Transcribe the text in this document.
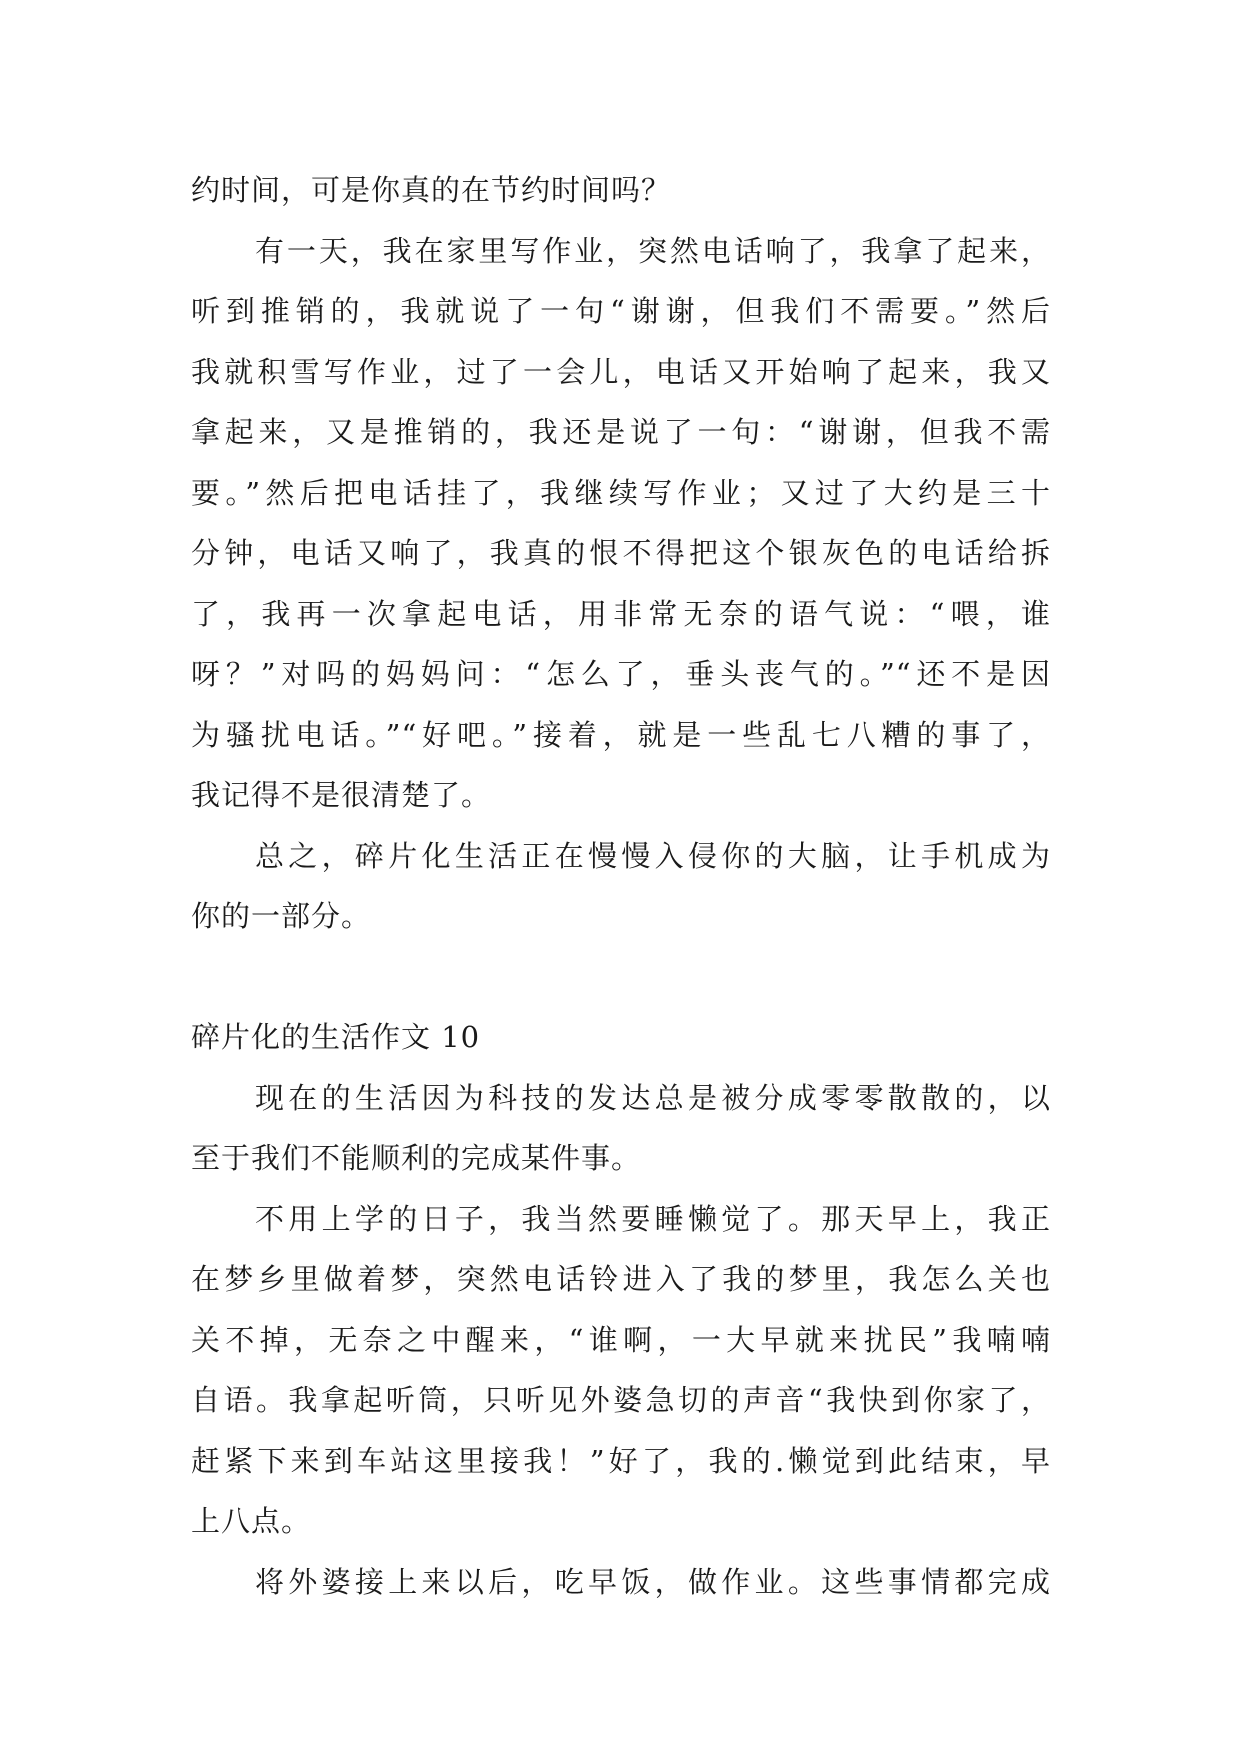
约时间，可是你真的在节约时间吗？
有一天，我在家里写作业，突然电话响了，我拿了起来，
听到推销的，我就说了一句“谢谢，但我们不需要。”然后
我就积雪写作业，过了一会儿，电话又开始响了起来，我又
拿起来，又是推销的，我还是说了一句：“谢谢，但我不需
要。”然后把电话挂了，我继续写作业；又过了大约是三十
分钟，电话又响了，我真的恨不得把这个银灰色的电话给拆
了，我再一次拿起电话，用非常无奈的语气说：“喂，谁
呀？”对吗的妈妈问：“怎么了，垂头丧气的。”“还不是因
为骚扰电话。”“好吧。”接着，就是一些乱七八糟的事了，
我记得不是很清楚了。
总之，碎片化生活正在慢慢入侵你的大脑，让手机成为
你的一部分。
碎片化的生活作文 10
现在的生活因为科技的发达总是被分成零零散散的，以
至于我们不能顺利的完成某件事。
不用上学的日子，我当然要睡懒觉了。那天早上，我正
在梦乡里做着梦，突然电话铃进入了我的梦里，我怎么关也
关不掉，无奈之中醒来，“谁啊，一大早就来扰民”我喃喃
自语。我拿起听筒，只听见外婆急切的声音“我快到你家了，
赶紧下来到车站这里接我！”好了，我的.懒觉到此结束，早
上八点。
将外婆接上来以后，吃早饭，做作业。这些事情都完成
